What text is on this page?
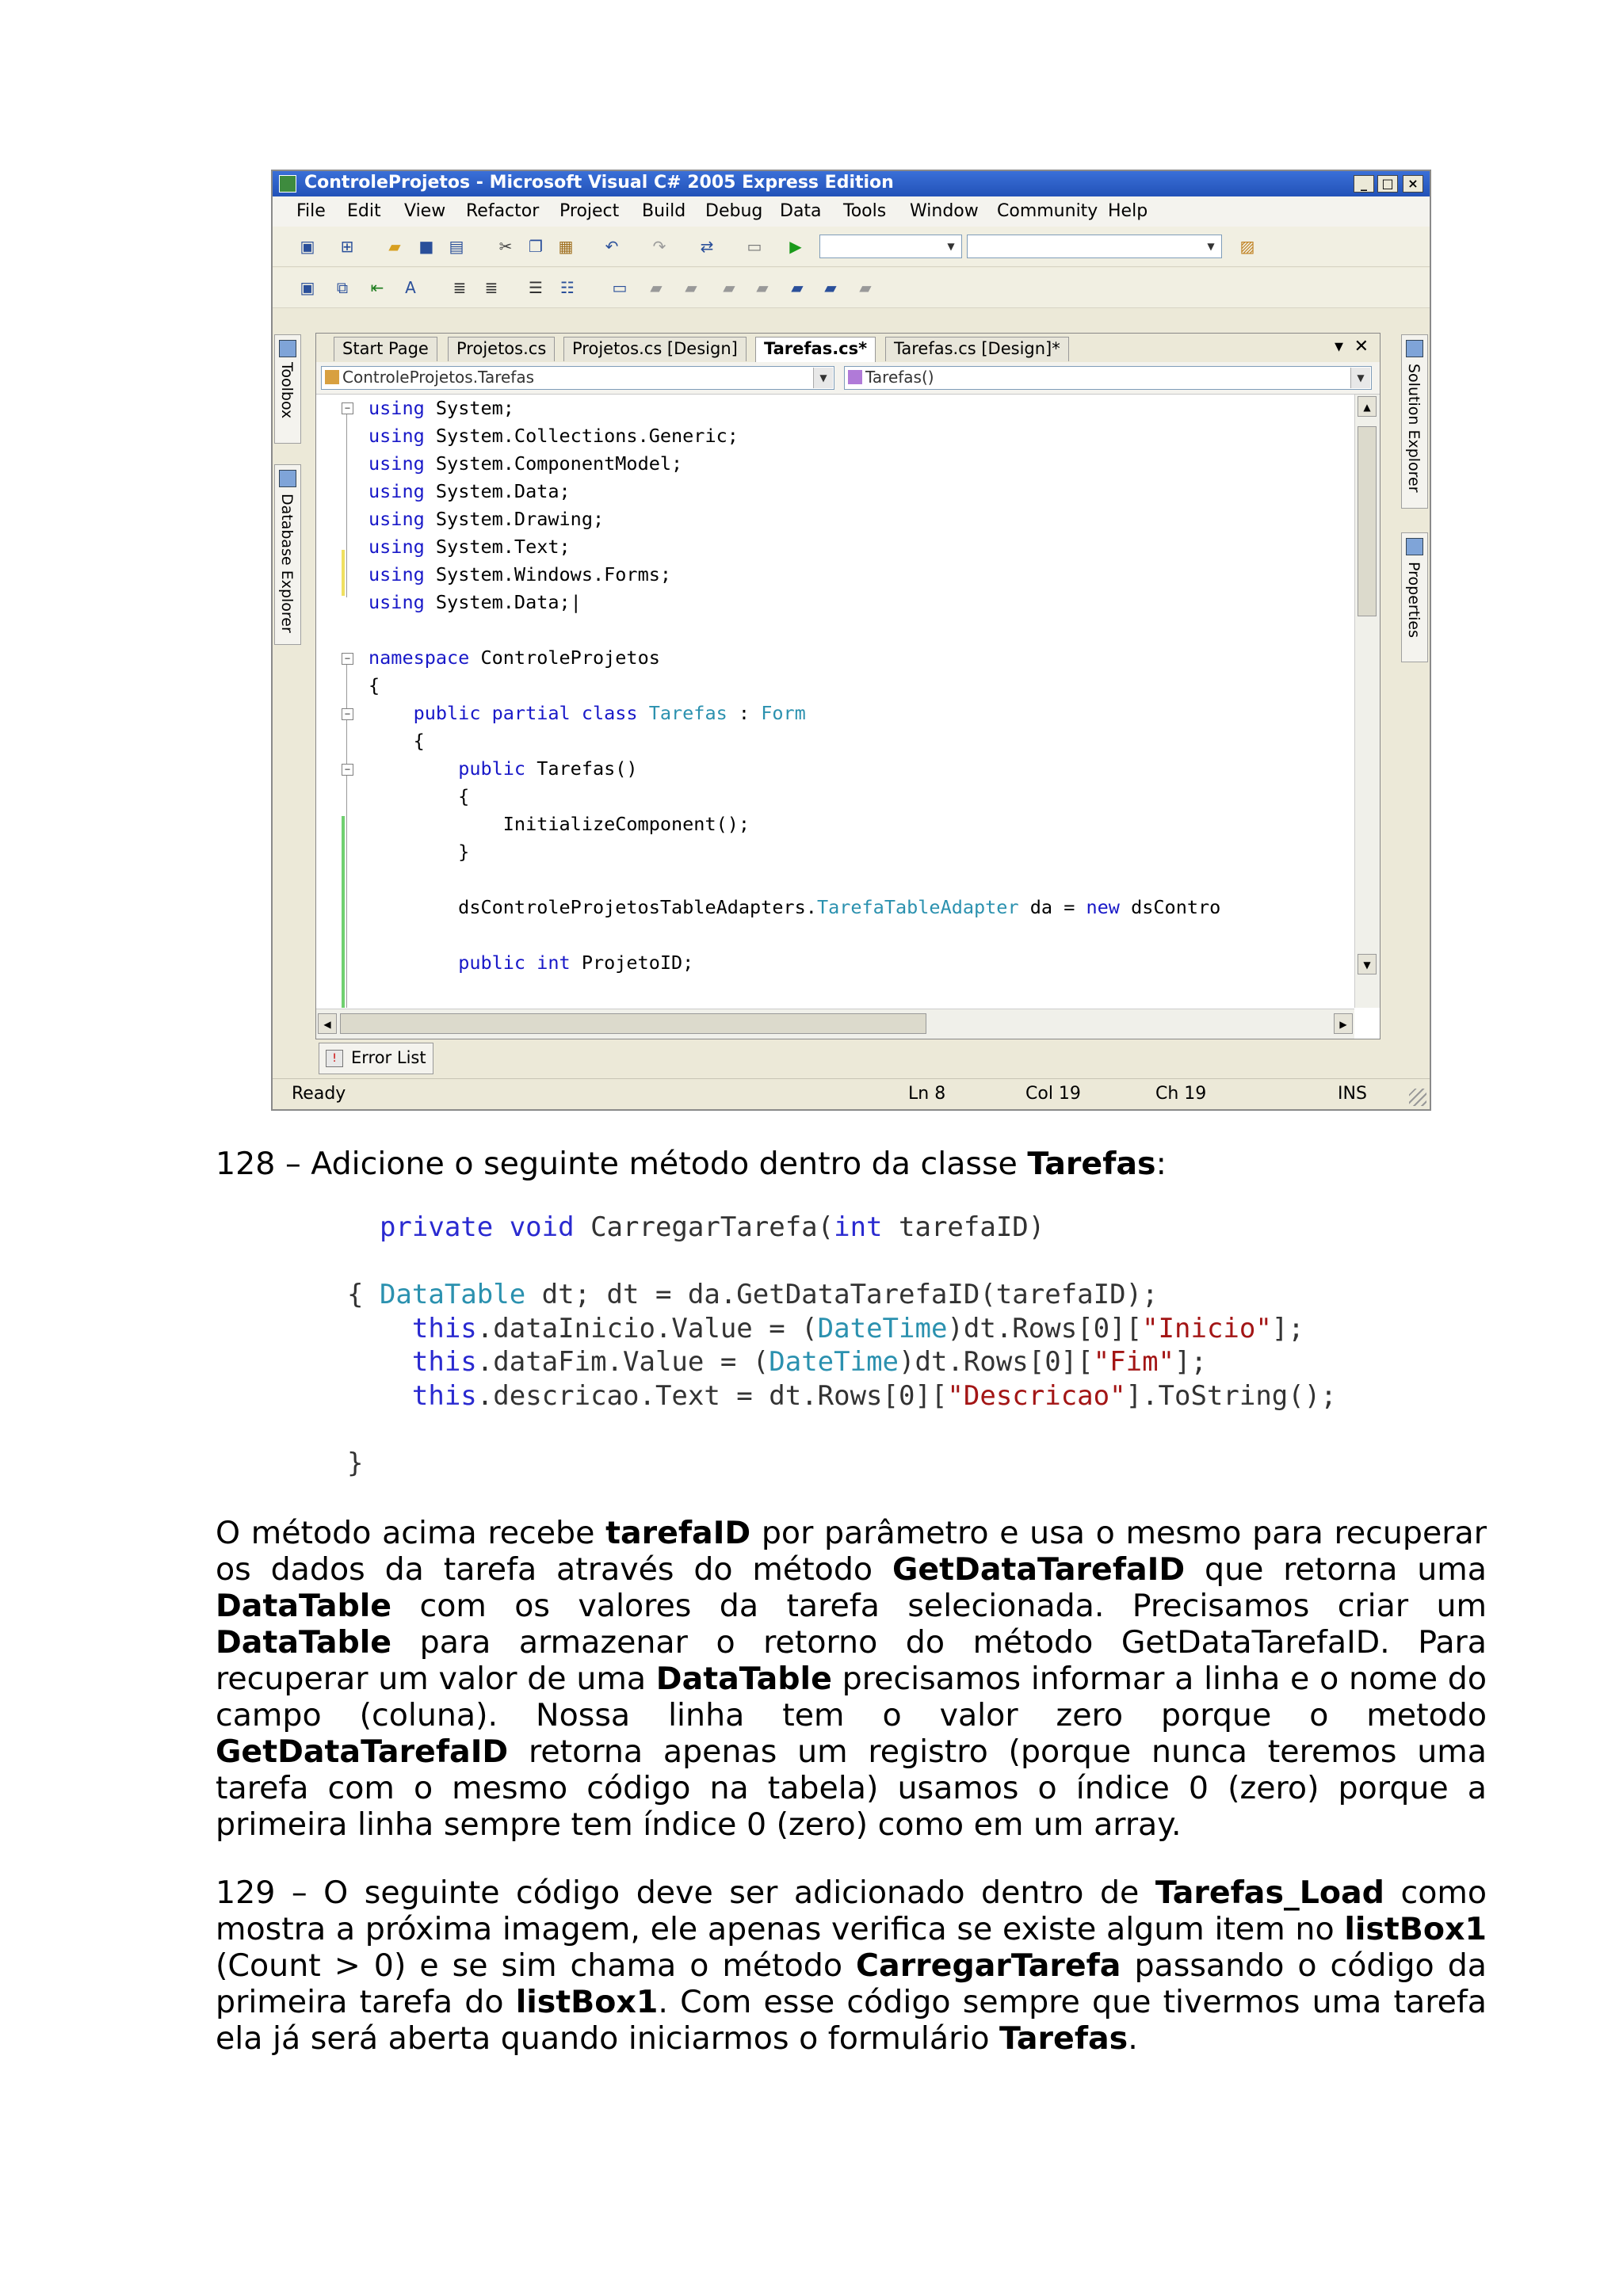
ControleProjetos - Microsoft Visual C# 2005 Express Edition	_	□	×
File Edit View Refactor Project Build Debug Data Tools Window Community Help
▣ ⊞	▰	■ ▤ ✂ ❐ ▦ ↶ ↷ ⇄ ▭	▶	▼	▼	▨
▣	⧉	⇤	A	≣ ≣ ☰ ☷ ▭	▰	▰	▰	▰	▰	▰	▰
Toolbox
Database Explorer
Solution Explorer
Properties
Start Page	Projetos.cs	Projetos.cs [Design]	Tarefas.cs*	Tarefas.cs [Design]*	▾ ✕
ControleProjetos.Tarefas	▼	Tarefas()	▼
−
−
−
−
using System;
using System.Collections.Generic;
using System.ComponentModel;
using System.Data;
using System.Drawing;
using System.Text;
using System.Windows.Forms;
using System.Data;|

namespace ControleProjetos
{
public partial class Tarefas : Form
{
public Tarefas()
{
InitializeComponent();
}

dsControleProjetosTableAdapters.TarefaTableAdapter da = new dsContro

public int ProjetoID;
▲
▼
◀	▶
! Error List
Ready	Ln 8	Col 19	Ch 19	INS
128 – Adicione o seguinte método dentro da classe Tarefas:
private void CarregarTarefa(int tarefaID)
{ DataTable dt; dt = da.GetDataTarefaID(tarefaID);
this.dataInicio.Value = (DateTime)dt.Rows[0]["Inicio"];
this.dataFim.Value = (DateTime)dt.Rows[0]["Fim"];
this.descricao.Text = dt.Rows[0]["Descricao"].ToString();
}
O método acima recebe tarefaID por parâmetro e usa o mesmo para recuperar os dados da tarefa através do método GetDataTarefaID que retorna uma DataTable com os valores da tarefa selecionada. Precisamos criar um DataTable para armazenar o retorno do método GetDataTarefaID. Para recuperar um valor de uma DataTable precisamos informar a linha e o nome do campo (coluna). Nossa linha tem o valor zero porque o metodo GetDataTarefaID retorna apenas um registro (porque nunca teremos uma tarefa com o mesmo código na tabela) usamos o índice 0 (zero) porque a primeira linha sempre tem índice 0 (zero) como em um array.
129 – O seguinte código deve ser adicionado dentro de Tarefas_Load como mostra a próxima imagem, ele apenas verifica se existe algum item no listBox1 (Count > 0) e se sim chama o método CarregarTarefa passando o código da primeira tarefa do listBox1. Com esse código sempre que tivermos uma tarefa ela já será aberta quando iniciarmos o formulário Tarefas.
